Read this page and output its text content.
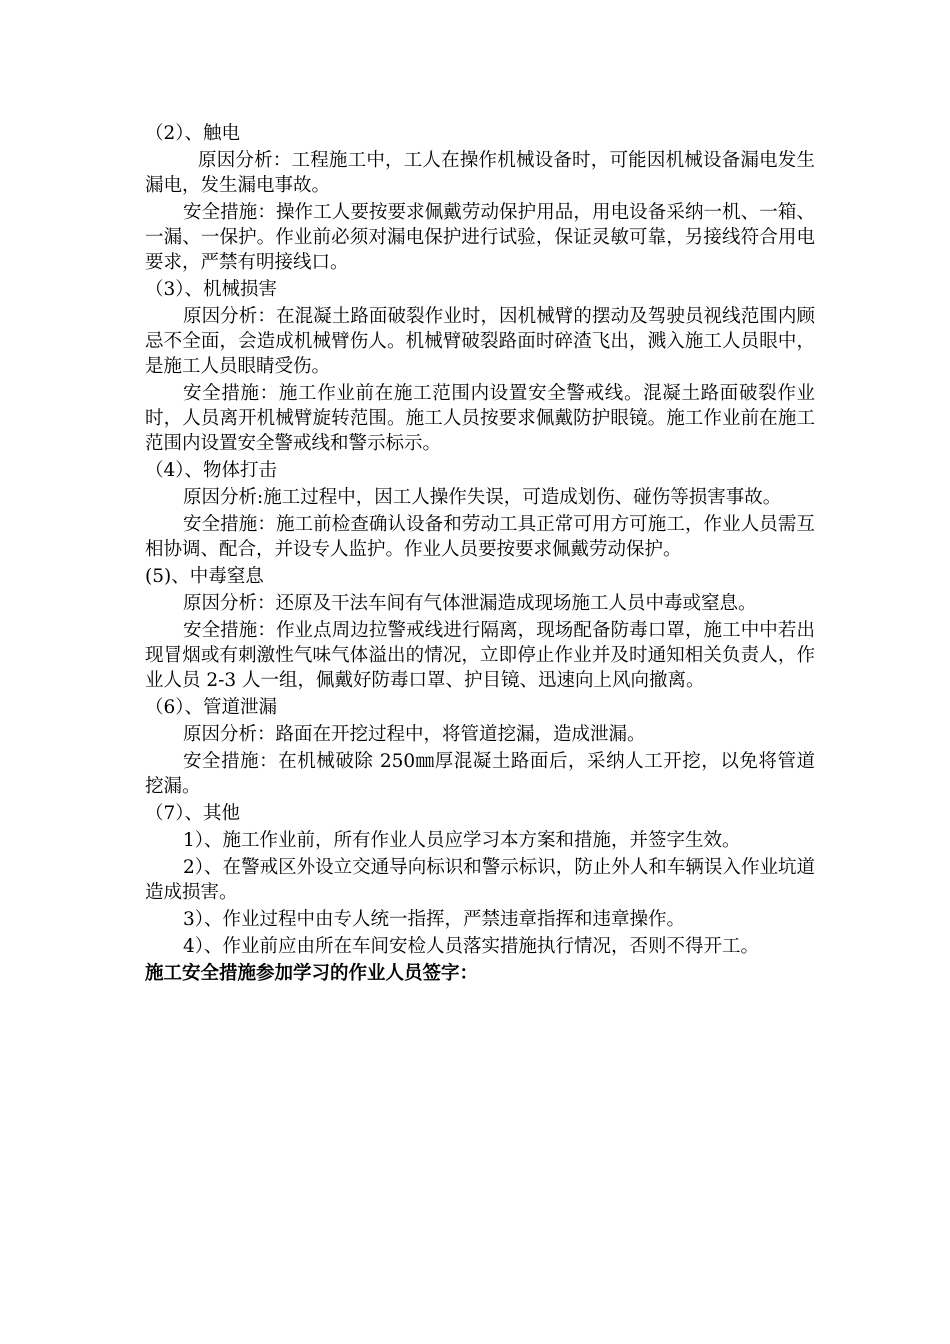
（2）、触电

原因分析：工程施工中，工人在操作机械设备时，可能因机械设备漏电发生漏电，发生漏电事故。

安全措施：操作工人要按要求佩戴劳动保护用品，用电设备采纳一机、一箱、一漏、一保护。作业前必须对漏电保护进行试验，保证灵敏可靠，另接线符合用电要求，严禁有明接线口。

（3）、机械损害

原因分析：在混凝土路面破裂作业时，因机械臂的摆动及驾驶员视线范围内顾忌不全面，会造成机械臂伤人。机械臂破裂路面时碎渣飞出，溅入施工人员眼中，是施工人员眼睛受伤。

安全措施：施工作业前在施工范围内设置安全警戒线。混凝土路面破裂作业时，人员离开机械臂旋转范围。施工人员按要求佩戴防护眼镜。施工作业前在施工范围内设置安全警戒线和警示标示。

（4）、物体打击

原因分析:施工过程中，因工人操作失误，可造成划伤、碰伤等损害事故。

安全措施：施工前检查确认设备和劳动工具正常可用方可施工，作业人员需互相协调、配合，并设专人监护。作业人员要按要求佩戴劳动保护。

(5)、中毒窒息

原因分析：还原及干法车间有气体泄漏造成现场施工人员中毒或窒息。

安全措施：作业点周边拉警戒线进行隔离，现场配备防毒口罩，施工中中若出现冒烟或有刺激性气味气体溢出的情况，立即停止作业并及时通知相关负责人，作业人员 2-3 人一组，佩戴好防毒口罩、护目镜、迅速向上风向撤离。

（6）、管道泄漏

原因分析：路面在开挖过程中，将管道挖漏，造成泄漏。

安全措施：在机械破除 250㎜厚混凝土路面后，采纳人工开挖，以免将管道挖漏。

（7）、其他

1）、施工作业前，所有作业人员应学习本方案和措施，并签字生效。

2）、在警戒区外设立交通导向标识和警示标识，防止外人和车辆误入作业坑道造成损害。

3）、作业过程中由专人统一指挥，严禁违章指挥和违章操作。

4）、作业前应由所在车间安检人员落实措施执行情况，否则不得开工。

施工安全措施参加学习的作业人员签字：
